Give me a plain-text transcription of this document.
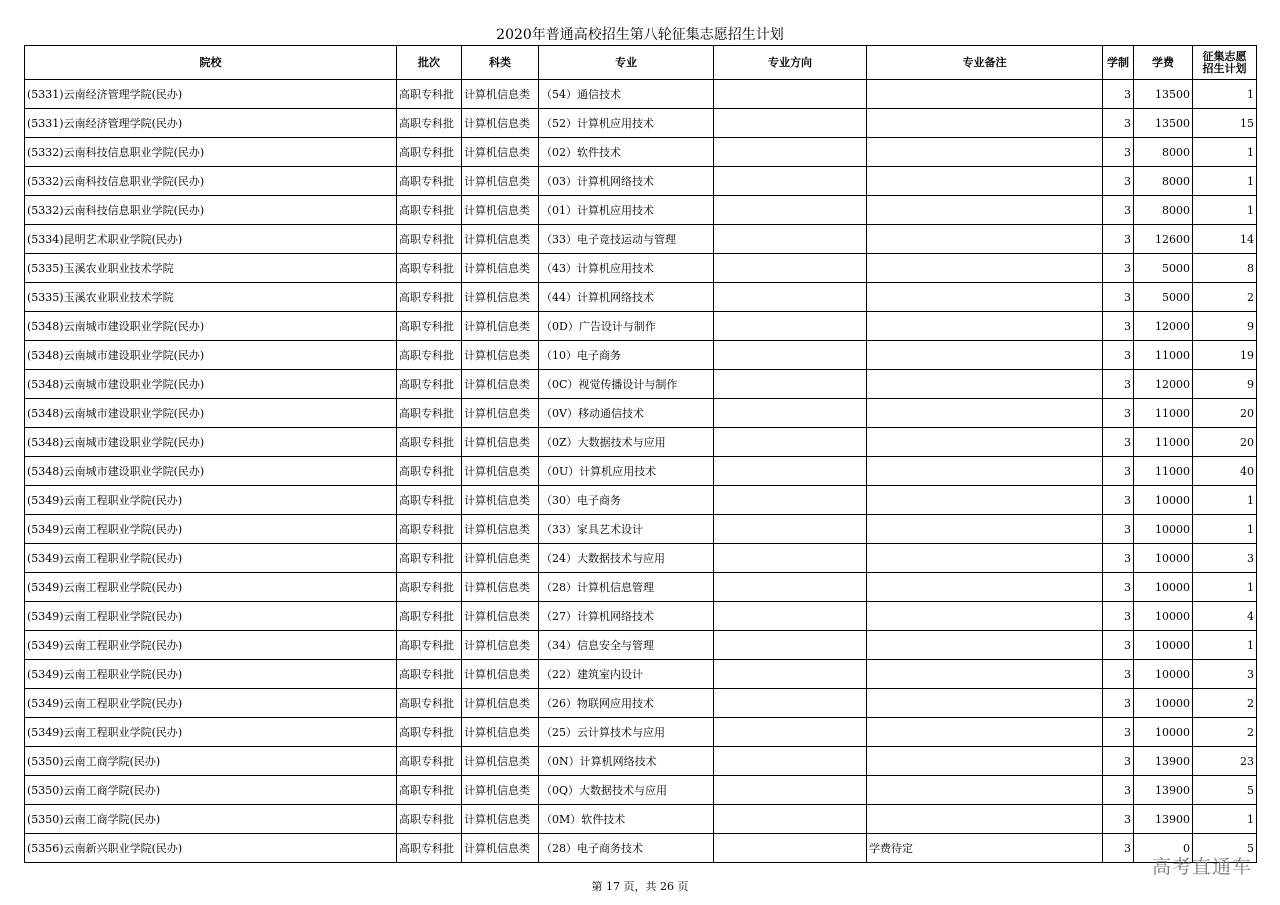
2020年普通高校招生第八轮征集志愿招生计划
院校	批次	科类	专业	专业方向	专业备注	学制	学费	征集志愿招生计划

(5331)云南经济管理学院(民办)	高职专科批	计算机信息类	（54）通信技术			3	13500	1
(5331)云南经济管理学院(民办)	高职专科批	计算机信息类	（52）计算机应用技术			3	13500	15
(5332)云南科技信息职业学院(民办)	高职专科批	计算机信息类	（02）软件技术			3	8000	1
(5332)云南科技信息职业学院(民办)	高职专科批	计算机信息类	（03）计算机网络技术			3	8000	1
(5332)云南科技信息职业学院(民办)	高职专科批	计算机信息类	（01）计算机应用技术			3	8000	1
(5334)昆明艺术职业学院(民办)	高职专科批	计算机信息类	（33）电子竞技运动与管理			3	12600	14
(5335)玉溪农业职业技术学院	高职专科批	计算机信息类	（43）计算机应用技术			3	5000	8
(5335)玉溪农业职业技术学院	高职专科批	计算机信息类	（44）计算机网络技术			3	5000	2
(5348)云南城市建设职业学院(民办)	高职专科批	计算机信息类	（0D）广告设计与制作			3	12000	9
(5348)云南城市建设职业学院(民办)	高职专科批	计算机信息类	（10）电子商务			3	11000	19
(5348)云南城市建设职业学院(民办)	高职专科批	计算机信息类	（0C）视觉传播设计与制作			3	12000	9
(5348)云南城市建设职业学院(民办)	高职专科批	计算机信息类	（0V）移动通信技术			3	11000	20
(5348)云南城市建设职业学院(民办)	高职专科批	计算机信息类	（0Z）大数据技术与应用			3	11000	20
(5348)云南城市建设职业学院(民办)	高职专科批	计算机信息类	（0U）计算机应用技术			3	11000	40
(5349)云南工程职业学院(民办)	高职专科批	计算机信息类	（30）电子商务			3	10000	1
(5349)云南工程职业学院(民办)	高职专科批	计算机信息类	（33）家具艺术设计			3	10000	1
(5349)云南工程职业学院(民办)	高职专科批	计算机信息类	（24）大数据技术与应用			3	10000	3
(5349)云南工程职业学院(民办)	高职专科批	计算机信息类	（28）计算机信息管理			3	10000	1
(5349)云南工程职业学院(民办)	高职专科批	计算机信息类	（27）计算机网络技术			3	10000	4
(5349)云南工程职业学院(民办)	高职专科批	计算机信息类	（34）信息安全与管理			3	10000	1
(5349)云南工程职业学院(民办)	高职专科批	计算机信息类	（22）建筑室内设计			3	10000	3
(5349)云南工程职业学院(民办)	高职专科批	计算机信息类	（26）物联网应用技术			3	10000	2
(5349)云南工程职业学院(民办)	高职专科批	计算机信息类	（25）云计算技术与应用			3	10000	2
(5350)云南工商学院(民办)	高职专科批	计算机信息类	（0N）计算机网络技术			3	13900	23
(5350)云南工商学院(民办)	高职专科批	计算机信息类	（0Q）大数据技术与应用			3	13900	5
(5350)云南工商学院(民办)	高职专科批	计算机信息类	（0M）软件技术			3	13900	1
(5356)云南新兴职业学院(民办)	高职专科批	计算机信息类	（28）电子商务技术		学费待定	3	0	5
第 17 页，共 26 页
高考直通车
